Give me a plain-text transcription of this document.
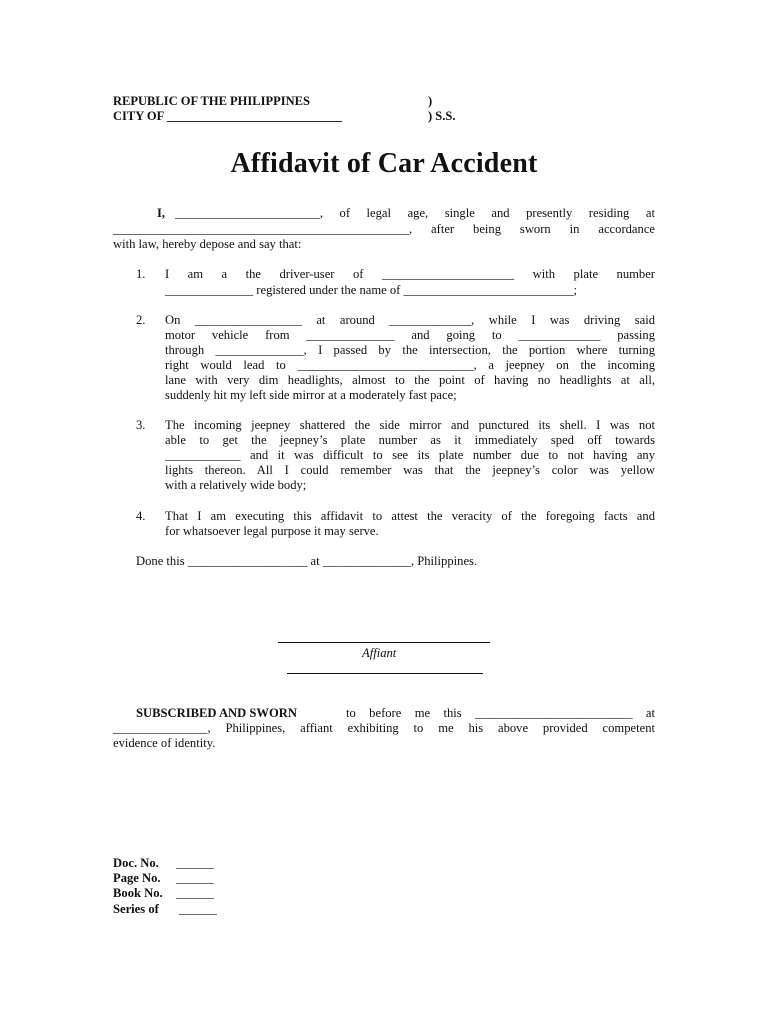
REPUBLIC OF THE PHILIPPINES	)
CITY OF ____________________________	) S.S.
Affidavit of Car Accident
I, _______________________, of legal age, single and presently residing at
_______________________________________________, after being sworn in accordance
with law, hereby depose and say that:
1. I am a the driver-user of _____________________ with plate number
______________ registered under the name of ___________________________;
2. On _________________ at around _____________, while I was driving said
motor vehicle from ______________ and going to _____________ passing
through ______________, I passed by the intersection, the portion where turning
right would lead to ____________________________, a jeepney on the incoming
lane with very dim headlights, almost to the point of having no headlights at all,
suddenly hit my left side mirror at a moderately fast pace;
3. The incoming jeepney shattered the side mirror and punctured its shell. I was not
able to get the jeepney’s plate number as it immediately sped off towards
____________ and it was difficult to see its plate number due to not having any
lights thereon. All I could remember was that the jeepney’s color was yellow
with a relatively wide body;
4. That I am executing this affidavit to attest the veracity of the foregoing facts and
for whatsoever legal purpose it may serve.
Done this ___________________ at ______________, Philippines.
Affiant
SUBSCRIBED AND SWORN	to before me this _________________________ at
_______________, Philippines, affiant exhibiting to me his above provided competent
evidence of identity.
Doc. No. ______
Page No. ______
Book No. ______
Series of ______
